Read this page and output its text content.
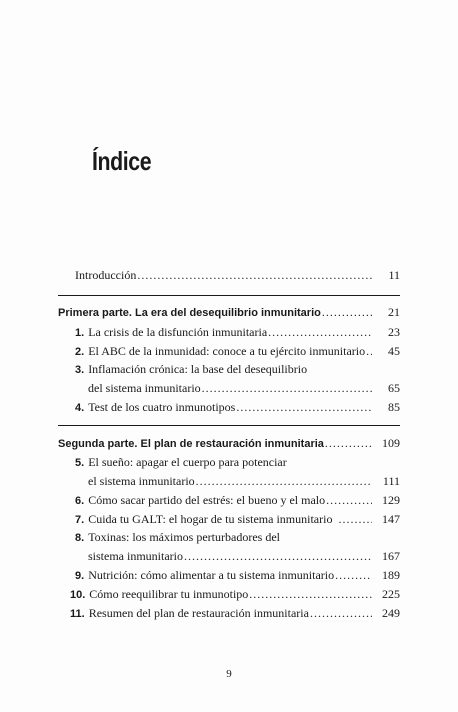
Índice
Introducción .....	11
Primera parte. La era del desequilibrio inmunitario .....	21
1. La crisis de la disfunción inmunitaria .....	23
2. El ABC de la inmunidad: conoce a tu ejército inmunitario ..... 45
3. Inflamación crónica: la base del desequilibrio
del sistema inmunitario .....	65
4. Test de los cuatro inmunotipos .....	85
Segunda parte. El plan de restauración inmunitaria .....	109
5. El sueño: apagar el cuerpo para potenciar
el sistema inmunitario .....	111
6. Cómo sacar partido del estrés: el bueno y el malo .....	129
7. Cuida tu GALT: el hogar de tu sistema inmunitario .....	147
8. Toxinas: los máximos perturbadores del
sistema inmunitario .....	167
9. Nutrición: cómo alimentar a tu sistema inmunitario .....	189
10. Cómo reequilibrar tu inmunotipo .....	225
11. Resumen del plan de restauración inmunitaria .....	249
9
